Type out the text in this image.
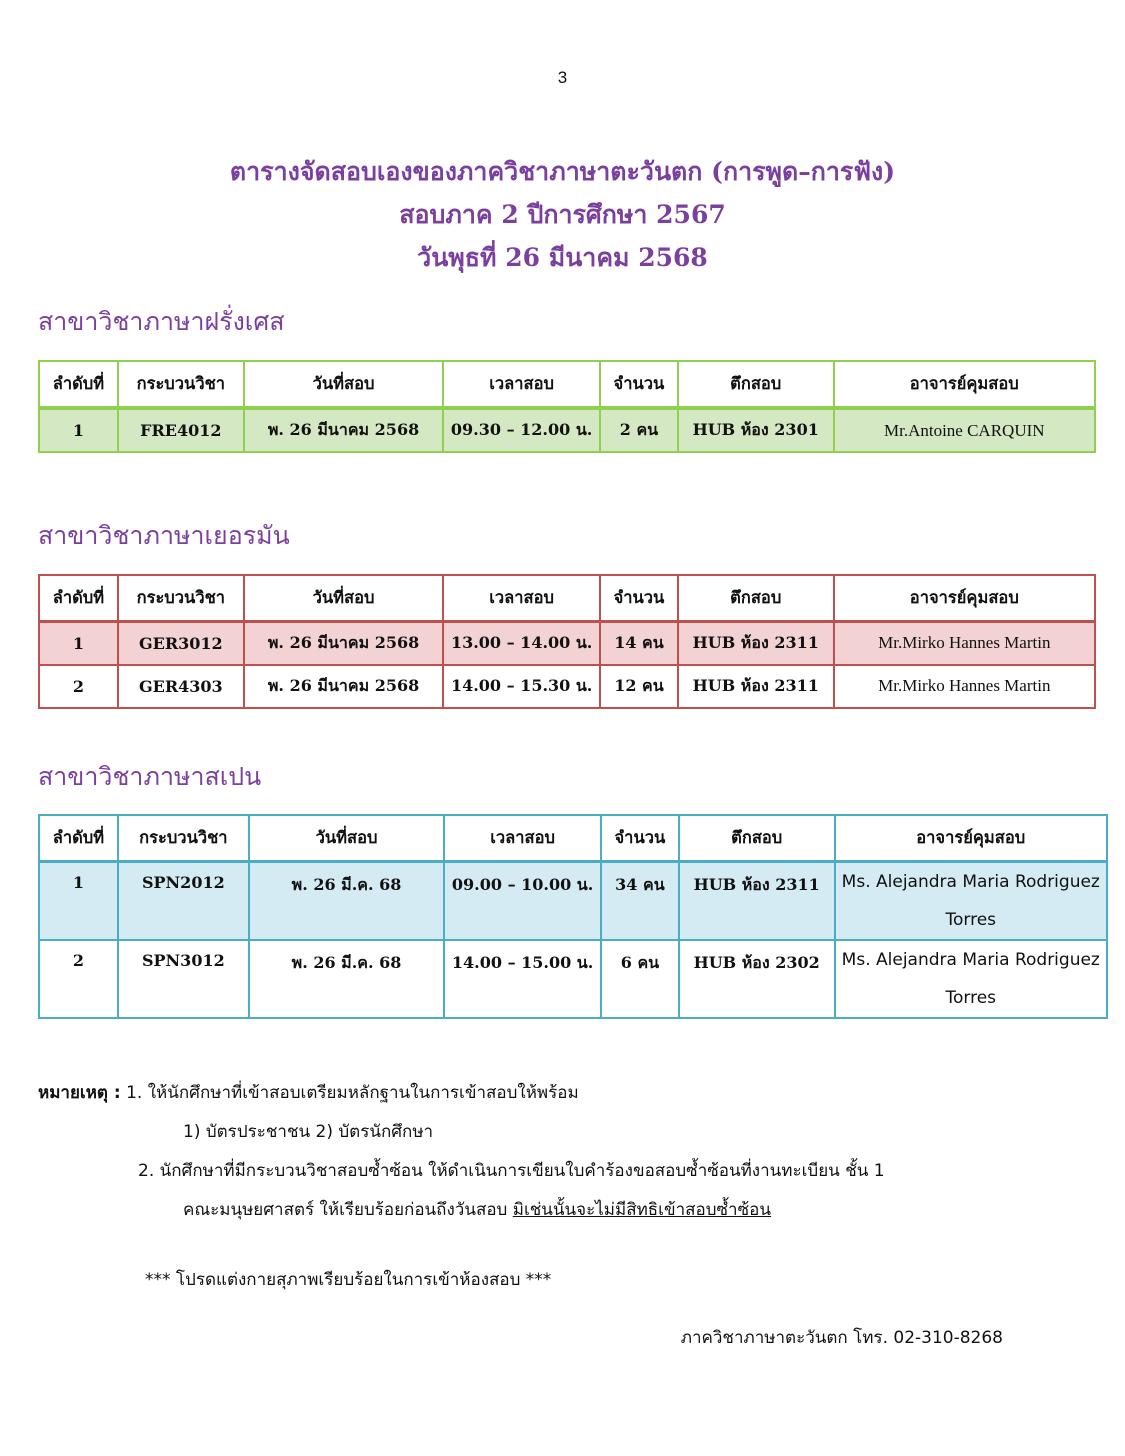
3
ตารางจัดสอบเองของภาควิชาภาษาตะวันตก (การพูด–การฟัง)
สอบภาค 2 ปีการศึกษา 2567
วันพุธที่ 26 มีนาคม 2568
สาขาวิชาภาษาฝรั่งเศส
ลำดับที่	กระบวนวิชา	วันที่สอบ	เวลาสอบ	จำนวน	ตึกสอบ	อาจารย์คุมสอบ
1	FRE4012	พ. 26 มีนาคม 2568	09.30 – 12.00 น.	2 คน	HUB ห้อง 2301	Mr.Antoine CARQUIN
สาขาวิชาภาษาเยอรมัน
ลำดับที่	กระบวนวิชา	วันที่สอบ	เวลาสอบ	จำนวน	ตึกสอบ	อาจารย์คุมสอบ
1	GER3012	พ. 26 มีนาคม 2568	13.00 – 14.00 น.	14 คน	HUB ห้อง 2311	Mr.Mirko Hannes Martin
2	GER4303	พ. 26 มีนาคม 2568	14.00 – 15.30 น.	12 คน	HUB ห้อง 2311	Mr.Mirko Hannes Martin
สาขาวิชาภาษาสเปน
ลำดับที่	กระบวนวิชา	วันที่สอบ	เวลาสอบ	จำนวน	ตึกสอบ	อาจารย์คุมสอบ
1	SPN2012	พ. 26 มี.ค. 68	09.00 – 10.00 น.	34 คน	HUB ห้อง 2311	Ms. Alejandra Maria Rodriguez
Torres

2	SPN3012	พ. 26 มี.ค. 68	14.00 – 15.00 น.	6 คน	HUB ห้อง 2302	Ms. Alejandra Maria Rodriguez
Torres
หมายเหตุ : 1. ให้นักศึกษาที่เข้าสอบเตรียมหลักฐานในการเข้าสอบให้พร้อม
1) บัตรประชาชน 2) บัตรนักศึกษา
2. นักศึกษาที่มีกระบวนวิชาสอบซ้ำซ้อน ให้ดำเนินการเขียนใบคำร้องขอสอบซ้ำซ้อนที่งานทะเบียน ชั้น 1
คณะมนุษยศาสตร์ ให้เรียบร้อยก่อนถึงวันสอบ มิเช่นนั้นจะไม่มีสิทธิเข้าสอบซ้ำซ้อน
*** โปรดแต่งกายสุภาพเรียบร้อยในการเข้าห้องสอบ ***
ภาควิชาภาษาตะวันตก โทร. 02-310-8268
